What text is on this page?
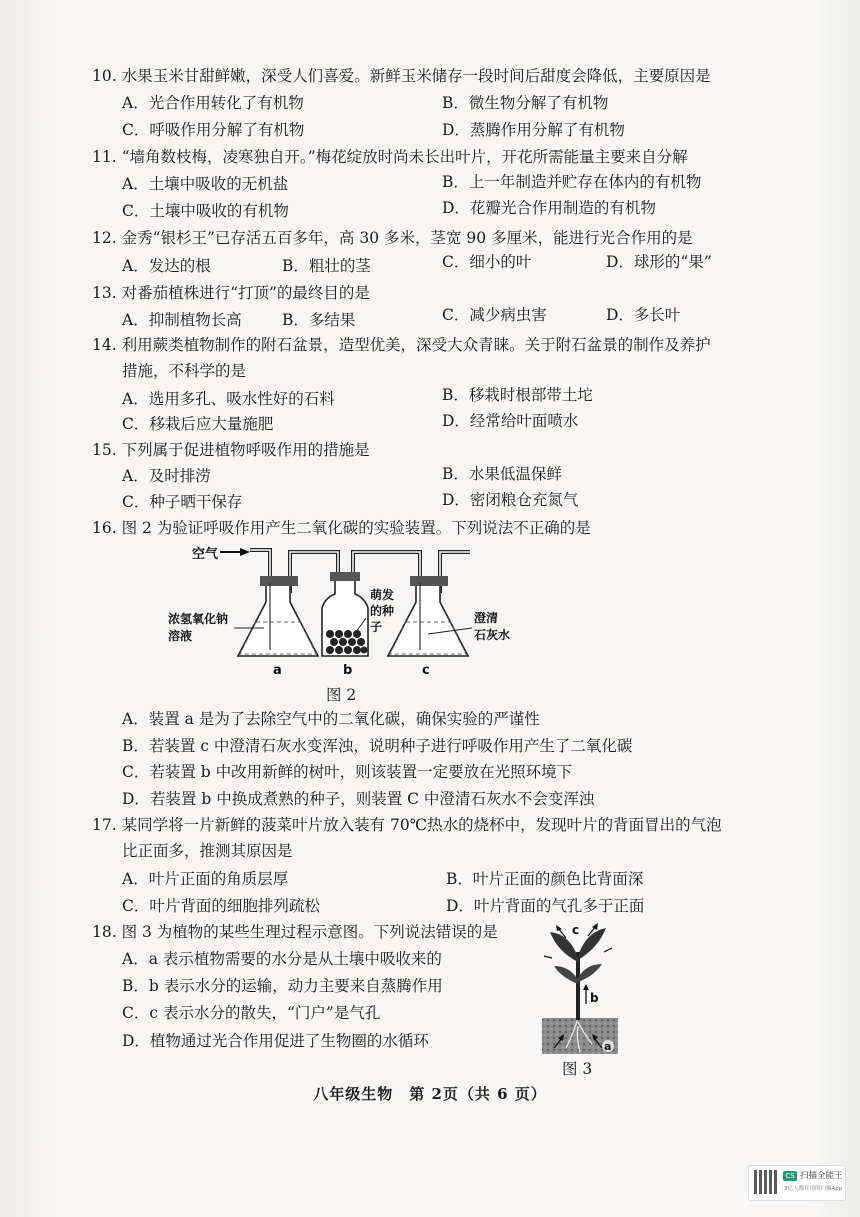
10. 水果玉米甘甜鲜嫩，深受人们喜爱。新鲜玉米储存一段时间后甜度会降低，主要原因是
A．光合作用转化了有机物	B．微生物分解了有机物
C．呼吸作用分解了有机物	D．蒸腾作用分解了有机物
11. “墙角数枝梅，凌寒独自开。”梅花绽放时尚未长出叶片，开花所需能量主要来自分解
A．土壤中吸收的无机盐	B．上一年制造并贮存在体内的有机物
C．土壤中吸收的有机物	D．花瓣光合作用制造的有机物
12. 金秀“银杉王”已存活五百多年，高 30 多米，茎宽 90 多厘米，能进行光合作用的是
A．发达的根	B．粗壮的茎	C．细小的叶	D．球形的“果”
13. 对番茄植株进行“打顶”的最终目的是
A．抑制植物长高	B．多结果	C．减少病虫害	D．多长叶
14. 利用蕨类植物制作的附石盆景，造型优美，深受大众青睐。关于附石盆景的制作及养护
措施，不科学的是
A．选用多孔、吸水性好的石料	B．移栽时根部带土坨
C．移栽后应大量施肥	D．经常给叶面喷水
15. 下列属于促进植物呼吸作用的措施是
A．及时排涝	B．水果低温保鲜
C．种子晒干保存	D．密闭粮仓充氮气
16. 图 2 为验证呼吸作用产生二氧化碳的实验装置。下列说法不正确的是
空气
浓氢氧化钠
溶液
萌发
的种
子
澄清
石灰水
a	b	c
图 2
A．装置 a 是为了去除空气中的二氧化碳，确保实验的严谨性
B．若装置 c 中澄清石灰水变浑浊，说明种子进行呼吸作用产生了二氧化碳
C．若装置 b 中改用新鲜的树叶，则该装置一定要放在光照环境下
D．若装置 b 中换成煮熟的种子，则装置 C 中澄清石灰水不会变浑浊
17. 某同学将一片新鲜的菠菜叶片放入装有 70℃热水的烧杯中，发现叶片的背面冒出的气泡
比正面多，推测其原因是
A．叶片正面的角质层厚	B．叶片正面的颜色比背面深
C．叶片背面的细胞排列疏松	D．叶片背面的气孔多于正面
18. 图 3 为植物的某些生理过程示意图。下列说法错误的是
A．a 表示植物需要的水分是从土壤中吸收来的
B．b 表示水分的运输，动力主要来自蒸腾作用
C．c 表示水分的散失，“门户”是气孔
D．植物通过光合作用促进了生物圈的水循环
c
b
a
图 3
八年级生物　第 2页（共 6 页）
CS 扫描全能王
3亿人都在用的扫描App
